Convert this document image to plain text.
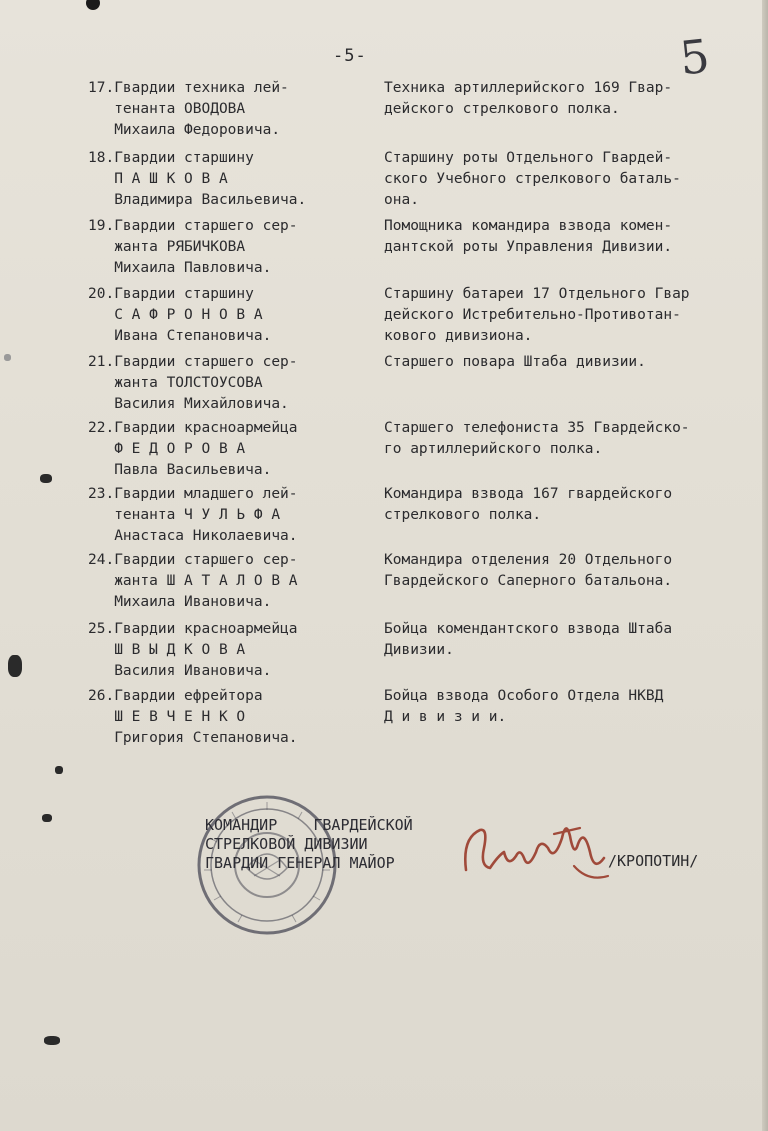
-5-	5
17.Гвардии техника лей-
тенанта ОВОДОВА
Михаила Федоровича.
Техника артиллерийского 169 Гвар-
дейского стрелкового полка.
18.Гвардии старшину
П А Ш К О В А
Владимира Васильевича.
Старшину роты Отдельного Гвардей-
ского Учебного стрелкового баталь-
она.
19.Гвардии старшего сер-
жанта РЯБИЧКОВА
Михаила Павловича.
Помощника командира взвода комен-
дантской роты Управления Дивизии.
20.Гвардии старшину
С А Ф Р О Н О В А
Ивана Степановича.
Старшину батареи 17 Отдельного Гвар
дейского Истребительно-Противотан-
кового дивизиона.
21.Гвардии старшего сер-
жанта ТОЛСТОУСОВА
Василия Михайловича.
Старшего повара Штаба дивизии.
22.Гвардии красноармейца
Ф Е Д О Р О В А
Павла Васильевича.
Старшего телефониста 35 Гвардейско-
го артиллерийского полка.
23.Гвардии младшего лей-
тенанта Ч У Л Ь Ф А
Анастаса Николаевича.
Командира взвода 167 гвардейского
стрелкового полка.
24.Гвардии старшего сер-
жанта Ш А Т А Л О В А
Михаила Ивановича.
Командира отделения 20 Отдельного
Гвардейского Саперного батальона.
25.Гвардии красноармейца
Ш В Ы Д К О В А
Василия Ивановича.
Бойца комендантского взвода Штаба
Дивизии.
26.Гвардии ефрейтора
Ш Е В Ч Е Н К О
Григория Степановича.
Бойца взвода Особого Отдела НКВД
Д и в и з и и.
КОМАНДИР    ГВАРДЕЙСКОЙ
СТРЕЛКОВОЙ ДИВИЗИИ
ГВАРДИИ ГЕНЕРАЛ МАЙОР	/КРОПОТИН/
